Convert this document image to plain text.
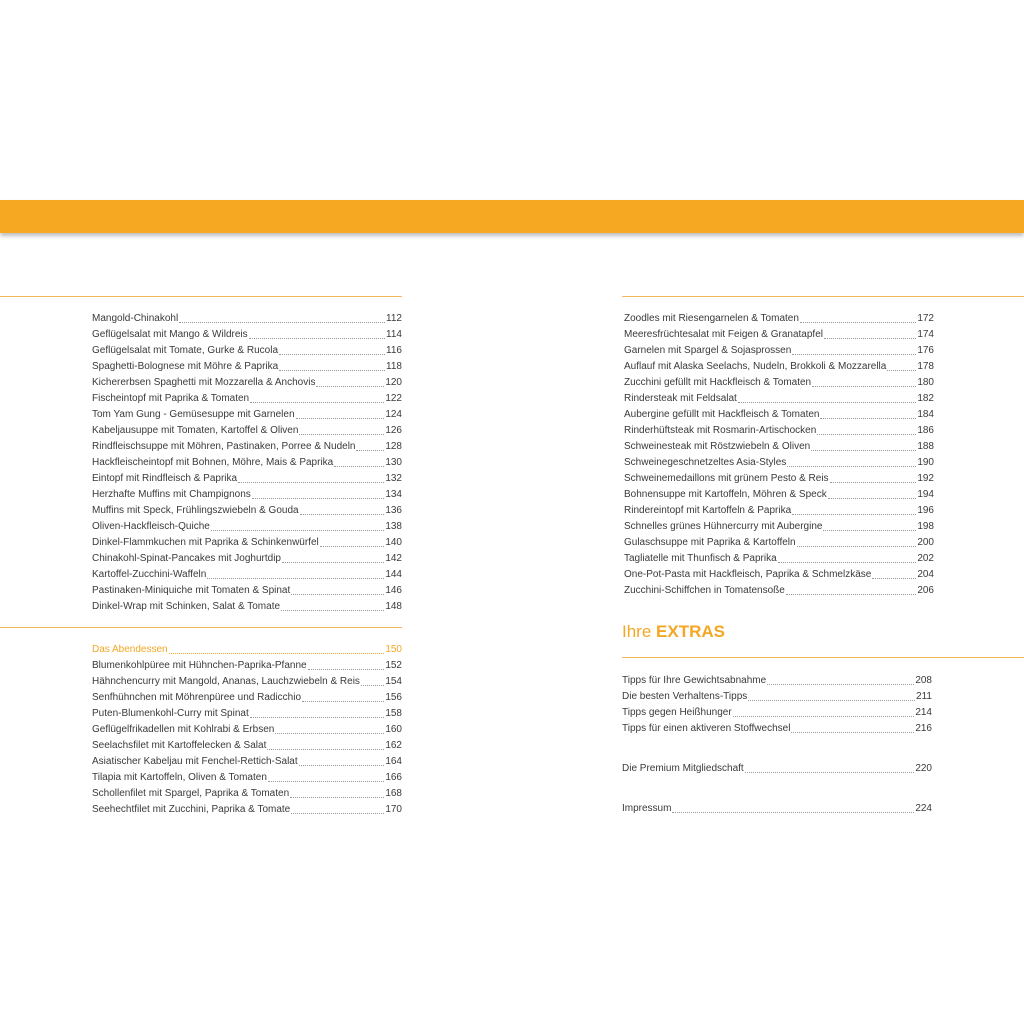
Mangold-Chinakohl	112
Geflügelsalat mit Mango & Wildreis	114
Geflügelsalat mit Tomate, Gurke & Rucola	116
Spaghetti-Bolognese mit Möhre & Paprika	118
Kichererbsen Spaghetti mit Mozzarella & Anchovis	120
Fischeintopf mit Paprika & Tomaten	122
Tom Yam Gung - Gemüsesuppe mit Garnelen	124
Kabeljausuppe mit Tomaten, Kartoffel & Oliven	126
Rindfleischsuppe mit Möhren, Pastinaken, Porree & Nudeln	128
Hackfleischeintopf mit Bohnen, Möhre, Mais & Paprika	130
Eintopf mit Rindfleisch & Paprika	132
Herzhafte Muffins mit Champignons	134
Muffins mit Speck, Frühlingszwiebeln & Gouda	136
Oliven-Hackfleisch-Quiche	138
Dinkel-Flammkuchen mit Paprika & Schinkenwürfel	140
Chinakohl-Spinat-Pancakes mit Joghurtdip	142
Kartoffel-Zucchini-Waffeln	144
Pastinaken-Miniquiche mit Tomaten & Spinat	146
Dinkel-Wrap mit Schinken, Salat & Tomate	148
Das Abendessen	150
Blumenkohlpüree mit Hühnchen-Paprika-Pfanne	152
Hähnchencurry mit Mangold, Ananas, Lauchzwiebeln & Reis	154
Senfhühnchen mit Möhrenpüree und Radicchio	156
Puten-Blumenkohl-Curry mit Spinat	158
Geflügelfrikadellen mit Kohlrabi & Erbsen	160
Seelachsfilet mit Kartoffelecken & Salat	162
Asiatischer Kabeljau mit Fenchel-Rettich-Salat	164
Tilapia mit Kartoffeln, Oliven & Tomaten	166
Schollenfilet mit Spargel, Paprika & Tomaten	168
Seehechtfilet mit Zucchini, Paprika & Tomate	170
Zoodles mit Riesengarnelen & Tomaten	172
Meeresfrüchtesalat mit Feigen & Granatapfel	174
Garnelen mit Spargel & Sojasprossen	176
Auflauf mit Alaska Seelachs, Nudeln, Brokkoli & Mozzarella	178
Zucchini gefüllt mit Hackfleisch & Tomaten	180
Rindersteak mit Feldsalat	182
Aubergine gefüllt mit Hackfleisch & Tomaten	184
Rinderhüftsteak mit Rosmarin-Artischocken	186
Schweinesteak mit Röstzwiebeln & Oliven	188
Schweinegeschnetzeltes Asia-Styles	190
Schweinemedaillons mit grünem Pesto & Reis	192
Bohnensuppe mit Kartoffeln, Möhren & Speck	194
Rindereintopf mit Kartoffeln & Paprika	196
Schnelles grünes Hühnercurry mit Aubergine	198
Gulaschsuppe mit Paprika & Kartoffeln	200
Tagliatelle mit Thunfisch & Paprika	202
One-Pot-Pasta mit Hackfleisch, Paprika & Schmelzkäse	204
Zucchini-Schiffchen in Tomatensoße	206
Ihre EXTRAS
Tipps für Ihre Gewichtsabnahme	208
Die besten Verhaltens-Tipps	211
Tipps gegen Heißhunger	214
Tipps für einen aktiveren Stoffwechsel	216
Die Premium Mitgliedschaft	220
Impressum	224
